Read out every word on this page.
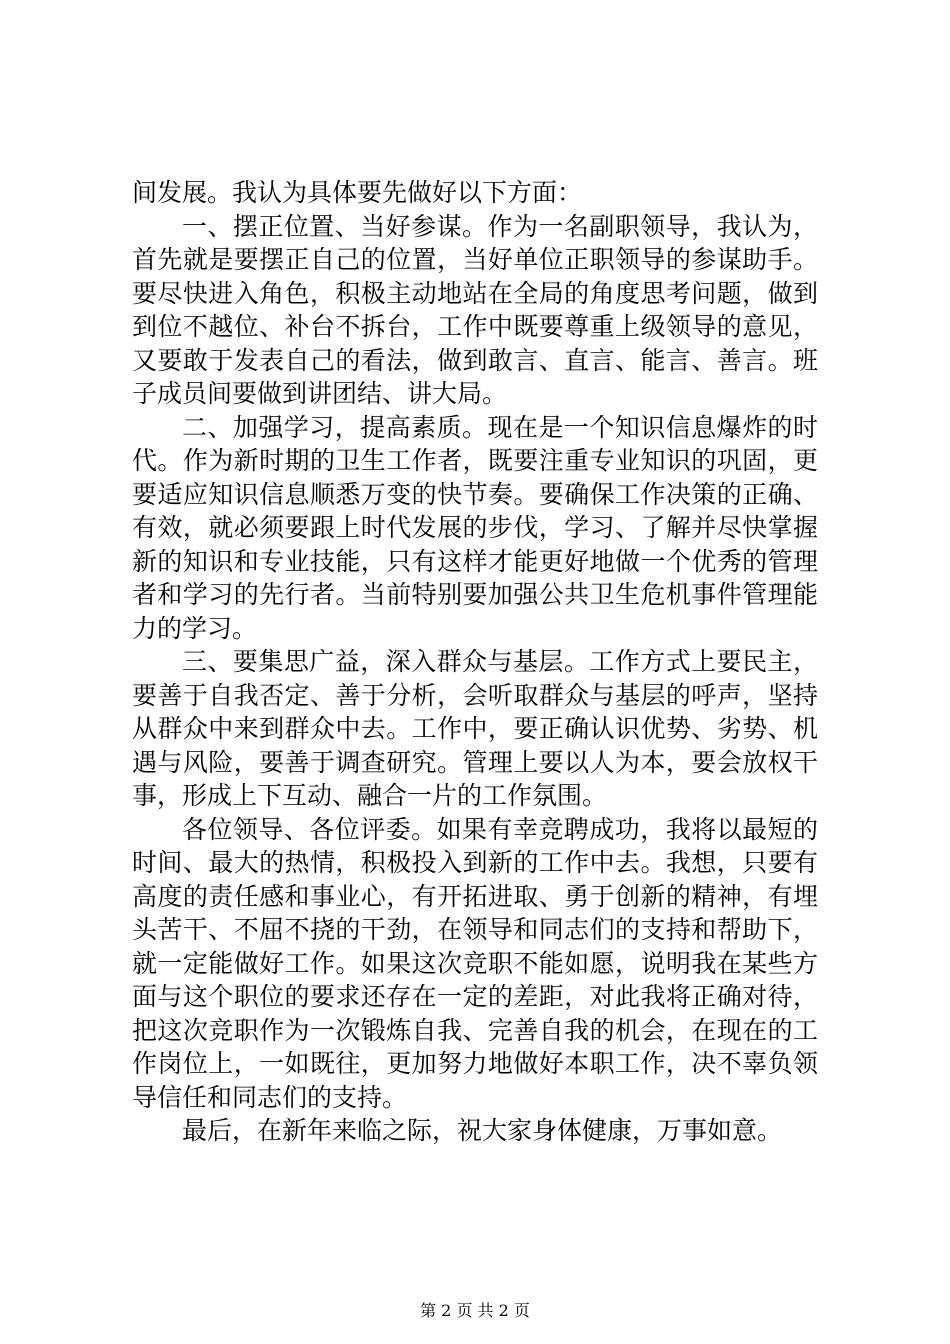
间发展。我认为具体要先做好以下方面：
一、摆正位置、当好参谋。作为一名副职领导，我认为，
首先就是要摆正自己的位置，当好单位正职领导的参谋助手。
要尽快进入角色，积极主动地站在全局的角度思考问题，做到
到位不越位、补台不拆台，工作中既要尊重上级领导的意见，
又要敢于发表自己的看法，做到敢言、直言、能言、善言。班
子成员间要做到讲团结、讲大局。
二、加强学习，提高素质。现在是一个知识信息爆炸的时
代。作为新时期的卫生工作者，既要注重专业知识的巩固，更
要适应知识信息顺悉万变的快节奏。要确保工作决策的正确、
有效，就必须要跟上时代发展的步伐，学习、了解并尽快掌握
新的知识和专业技能，只有这样才能更好地做一个优秀的管理
者和学习的先行者。当前特别要加强公共卫生危机事件管理能
力的学习。
三、要集思广益，深入群众与基层。工作方式上要民主，
要善于自我否定、善于分析，会听取群众与基层的呼声，坚持
从群众中来到群众中去。工作中，要正确认识优势、劣势、机
遇与风险，要善于调查研究。管理上要以人为本，要会放权干
事，形成上下互动、融合一片的工作氛围。
各位领导、各位评委。如果有幸竞聘成功，我将以最短的
时间、最大的热情，积极投入到新的工作中去。我想，只要有
高度的责任感和事业心，有开拓进取、勇于创新的精神，有埋
头苦干、不屈不挠的干劲，在领导和同志们的支持和帮助下，
就一定能做好工作。如果这次竞职不能如愿，说明我在某些方
面与这个职位的要求还存在一定的差距，对此我将正确对待，
把这次竞职作为一次锻炼自我、完善自我的机会，在现在的工
作岗位上，一如既往，更加努力地做好本职工作，决不辜负领
导信任和同志们的支持。
最后，在新年来临之际，祝大家身体健康，万事如意。
第 2 页 共 2 页
